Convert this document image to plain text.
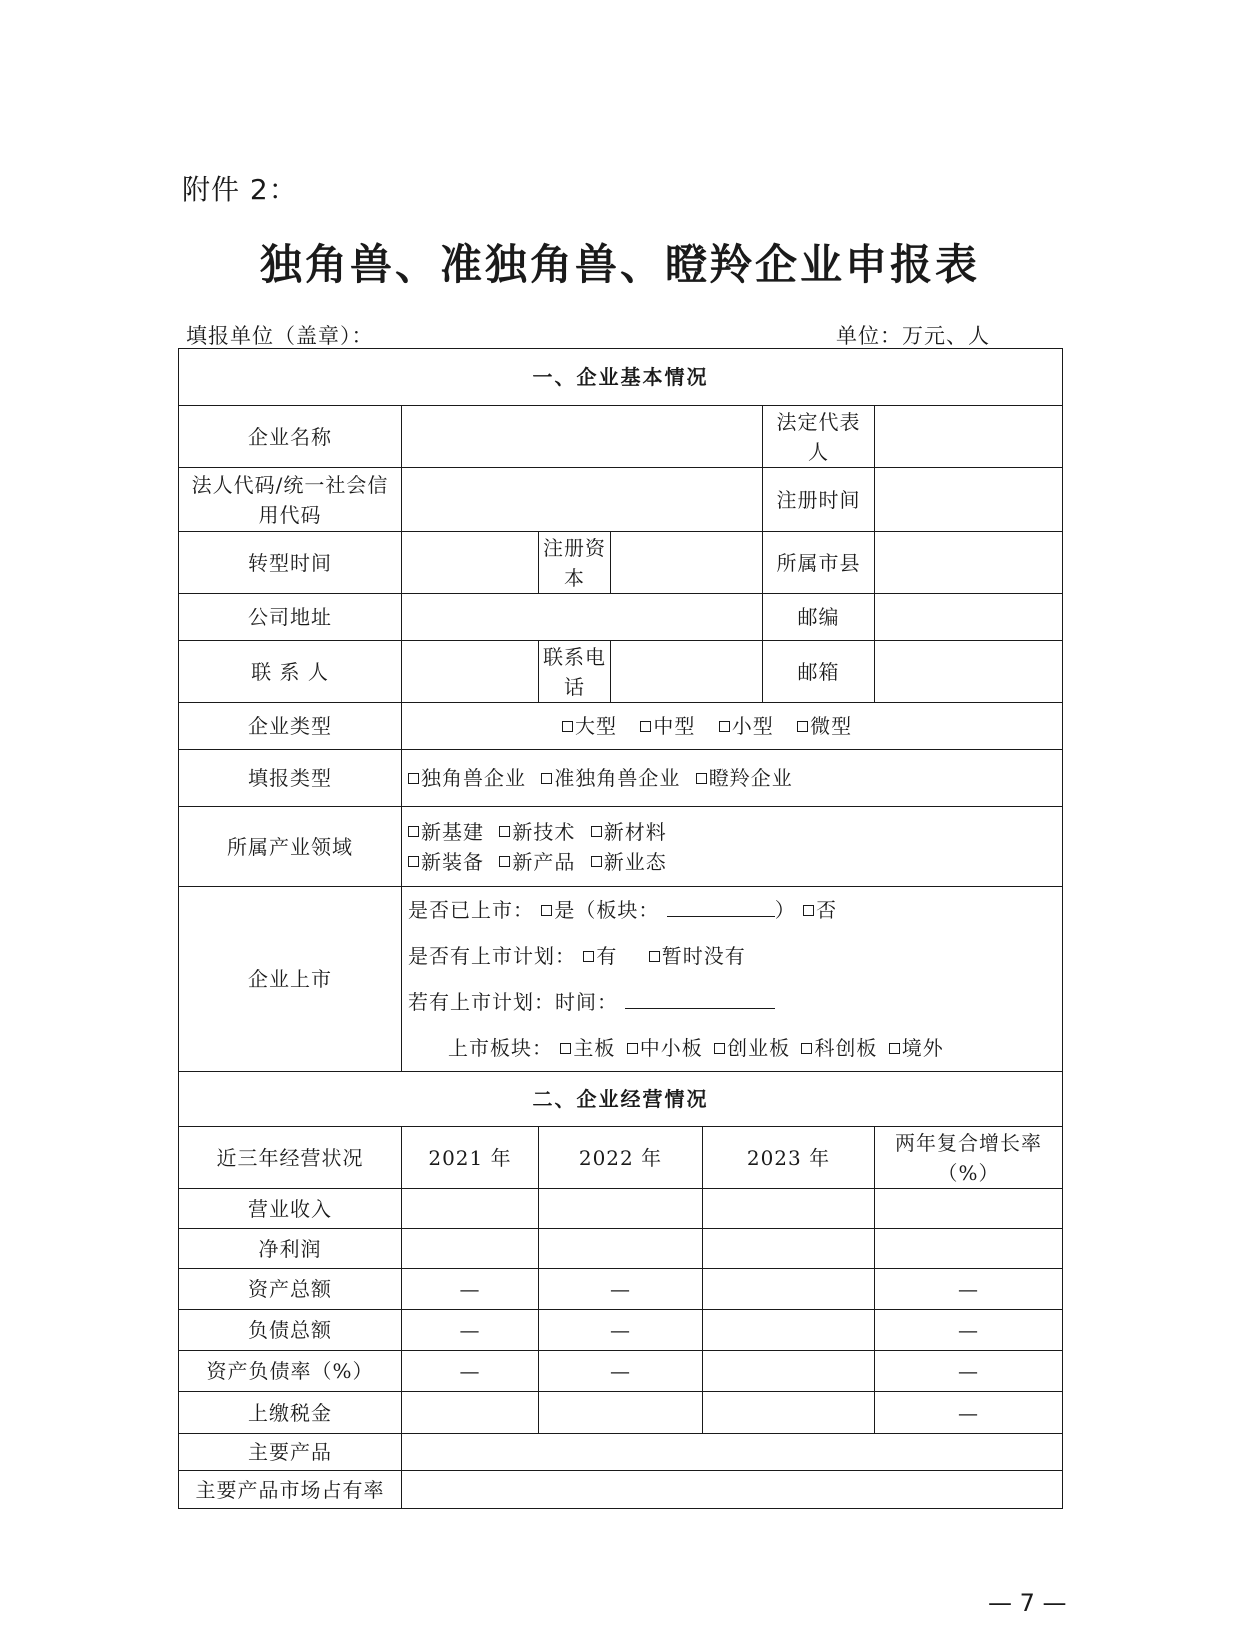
附件 2：
独角兽、准独角兽、瞪羚企业申报表
填报单位（盖章）：	单位：万元、人
一、企业基本情况						
企业名称					法定代表人	
法人代码/统一社会信用代码					注册时间	
转型时间		注册资本			所属市县	
公司地址					邮编	
联 系 人		联系电话			邮箱	
企业类型	大型 中型 小型 微型					
填报类型	独角兽企业 准独角兽企业 瞪羚企业					
所属产业领域	新基建 新技术 新材料
新装备 新产品 新业态					

企业上市	是否已上市： 是（板块： ） 否
是否有上市计划： 有 暂时没有
若有上市计划：时间：
上市板块： 主板 中小板 创业板 科创板 境外					

二、企业经营情况						
近三年经营状况	2021 年	2022 年		2023 年		两年复合增长率（%）
营业收入						
净利润						
资产总额	—	—				—
负债总额	—	—				—
资产负债率（%）	—	—				—
上缴税金						—
主要产品						
主要产品市场占有率						
— 7 —
